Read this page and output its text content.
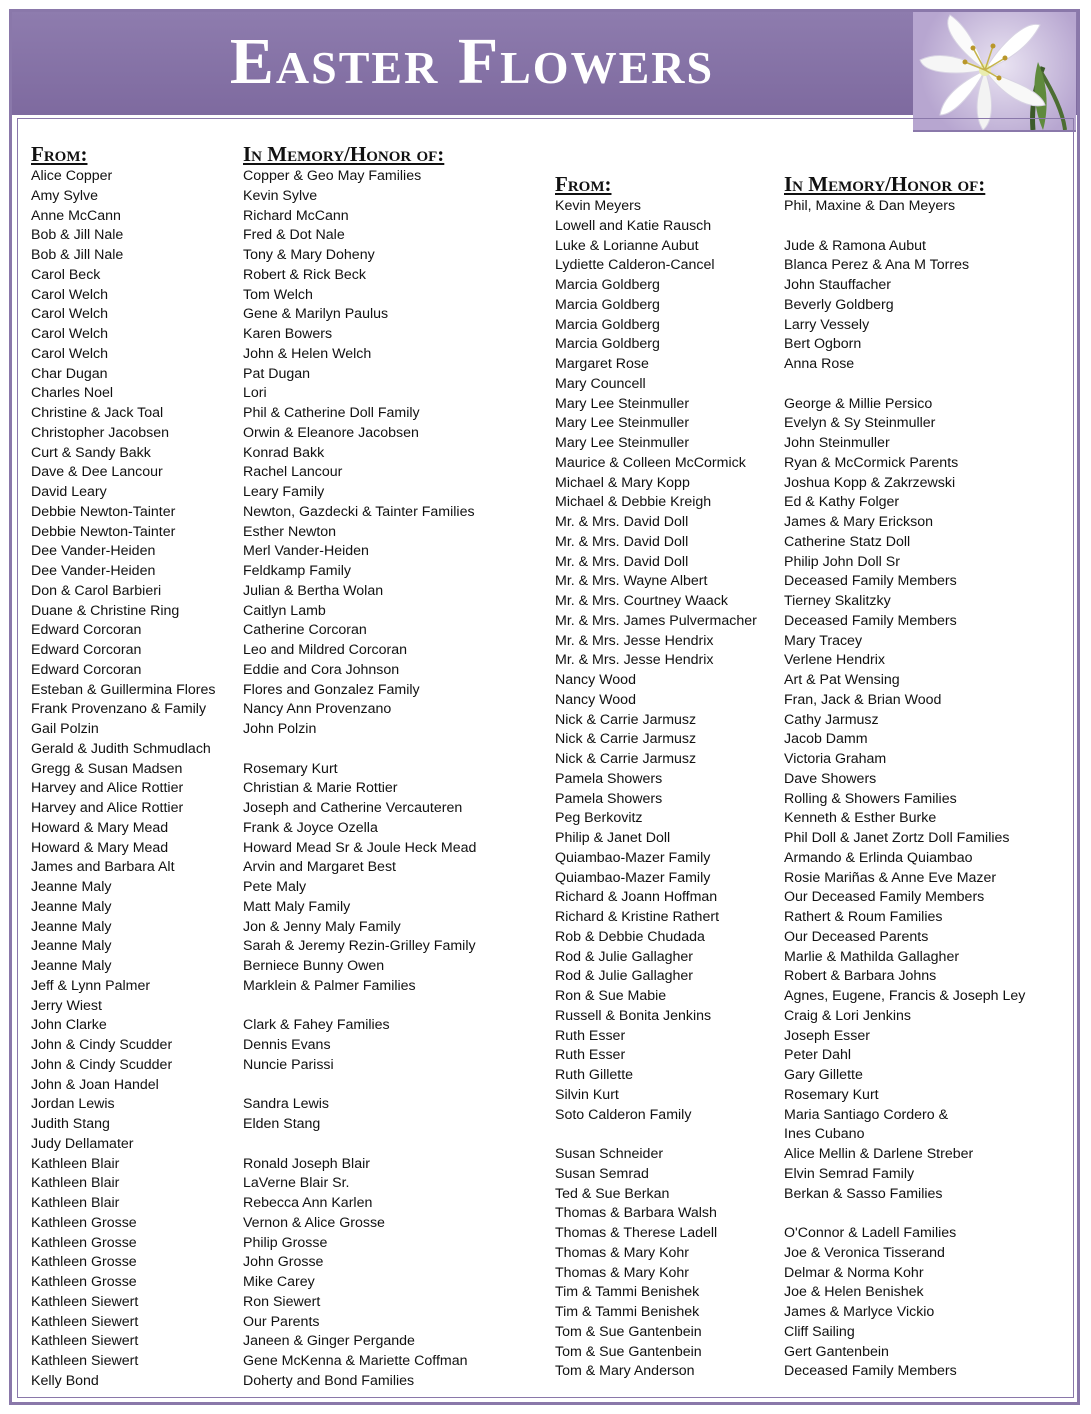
Easter Flowers
From:
Alice Copper
Amy Sylve
Anne McCann
Bob & Jill Nale
Bob & Jill Nale
Carol Beck
Carol Welch
Carol Welch
Carol Welch
Carol Welch
Char Dugan
Charles Noel
Christine & Jack Toal
Christopher Jacobsen
Curt & Sandy Bakk
Dave & Dee Lancour
David Leary
Debbie Newton-Tainter
Debbie Newton-Tainter
Dee Vander-Heiden
Dee Vander-Heiden
Don & Carol Barbieri
Duane & Christine Ring
Edward Corcoran
Edward Corcoran
Edward Corcoran
Esteban & Guillermina Flores
Frank Provenzano & Family
Gail Polzin
Gerald & Judith Schmudlach
Gregg & Susan Madsen
Harvey and Alice Rottier
Harvey and Alice Rottier
Howard & Mary Mead
Howard & Mary Mead
James and Barbara Alt
Jeanne Maly
Jeanne Maly
Jeanne Maly
Jeanne Maly
Jeanne Maly
Jeff & Lynn Palmer
Jerry Wiest
John Clarke
John & Cindy Scudder
John & Cindy Scudder
John & Joan Handel
Jordan Lewis
Judith Stang
Judy Dellamater
Kathleen Blair
Kathleen Blair
Kathleen Blair
Kathleen Grosse
Kathleen Grosse
Kathleen Grosse
Kathleen Grosse
Kathleen Siewert
Kathleen Siewert
Kathleen Siewert
Kathleen Siewert
Kelly Bond
In Memory/Honor of:
Copper & Geo May Families
Kevin Sylve
Richard McCann
Fred & Dot Nale
Tony & Mary Doheny
Robert & Rick Beck
Tom Welch
Gene & Marilyn Paulus
Karen Bowers
John & Helen Welch
Pat Dugan
Lori
Phil & Catherine Doll Family
Orwin & Eleanore Jacobsen
Konrad Bakk
Rachel Lancour
Leary Family
Newton, Gazdecki & Tainter Families
Esther Newton
Merl Vander-Heiden
Feldkamp Family
Julian & Bertha Wolan
Caitlyn Lamb
Catherine Corcoran
Leo and Mildred Corcoran
Eddie and Cora Johnson
Flores and Gonzalez Family
Nancy Ann Provenzano
John Polzin
Rosemary Kurt
Christian & Marie Rottier
Joseph and Catherine Vercauteren
Frank & Joyce Ozella
Howard Mead Sr & Joule Heck Mead
Arvin and Margaret Best
Pete Maly
Matt Maly Family
Jon & Jenny Maly Family
Sarah & Jeremy Rezin-Grilley Family
Berniece Bunny Owen
Marklein & Palmer Families
Clark & Fahey Families
Dennis Evans
Nuncie Parissi
Sandra Lewis
Elden Stang
Ronald Joseph Blair
LaVerne Blair Sr.
Rebecca Ann Karlen
Vernon & Alice Grosse
Philip Grosse
John Grosse
Mike Carey
Ron Siewert
Our Parents
Janeen & Ginger Pergande
Gene McKenna & Mariette Coffman
Doherty and Bond Families
From:
Kevin Meyers
Lowell and Katie Rausch
Luke & Lorianne Aubut
Lydiette Calderon-Cancel
Marcia Goldberg
Marcia Goldberg
Marcia Goldberg
Marcia Goldberg
Margaret Rose
Mary Councell
Mary Lee Steinmuller
Mary Lee Steinmuller
Mary Lee Steinmuller
Maurice & Colleen McCormick
Michael & Mary Kopp
Michael & Debbie Kreigh
Mr. & Mrs. David Doll
Mr. & Mrs. David Doll
Mr. & Mrs. David Doll
Mr. & Mrs. Wayne Albert
Mr. & Mrs. Courtney Waack
Mr. & Mrs. James Pulvermacher
Mr. & Mrs. Jesse Hendrix
Mr. & Mrs. Jesse Hendrix
Nancy Wood
Nancy Wood
Nick & Carrie Jarmusz
Nick & Carrie Jarmusz
Nick & Carrie Jarmusz
Pamela Showers
Pamela Showers
Peg Berkovitz
Philip & Janet Doll
Quiambao-Mazer Family
Quiambao-Mazer Family
Richard & Joann Hoffman
Richard & Kristine Rathert
Rob & Debbie Chudada
Rod & Julie Gallagher
Rod & Julie Gallagher
Ron & Sue Mabie
Russell & Bonita Jenkins
Ruth Esser
Ruth Esser
Ruth Gillette
Silvin Kurt
Soto Calderon Family
Susan Schneider
Susan Semrad
Ted & Sue Berkan
Thomas & Barbara Walsh
Thomas & Therese Ladell
Thomas & Mary Kohr
Thomas & Mary Kohr
Tim & Tammi Benishek
Tim & Tammi Benishek
Tom & Sue Gantenbein
Tom & Sue Gantenbein
Tom & Mary Anderson
In Memory/Honor of:
Phil, Maxine & Dan Meyers
Jude & Ramona Aubut
Blanca Perez & Ana M Torres
John Stauffacher
Beverly Goldberg
Larry Vessely
Bert Ogborn
Anna Rose
George & Millie Persico
Evelyn & Sy Steinmuller
John Steinmuller
Ryan & McCormick Parents
Joshua Kopp & Zakrzewski
Ed & Kathy Folger
James & Mary Erickson
Catherine Statz Doll
Philip John Doll Sr
Deceased Family Members
Tierney Skalitzky
Deceased Family Members
Mary Tracey
Verlene Hendrix
Art & Pat Wensing
Fran, Jack & Brian Wood
Cathy Jarmusz
Jacob Damm
Victoria Graham
Dave Showers
Rolling & Showers Families
Kenneth & Esther Burke
Phil Doll & Janet Zortz Doll Families
Armando & Erlinda Quiambao
Rosie Mariñas & Anne Eve Mazer
Our Deceased Family Members
Rathert & Roum Families
Our Deceased Parents
Marlie & Mathilda Gallagher
Robert & Barbara Johns
Agnes, Eugene, Francis & Joseph Ley
Craig & Lori Jenkins
Joseph Esser
Peter Dahl
Gary Gillette
Rosemary Kurt
Maria Santiago Cordero &
Ines Cubano
Alice Mellin & Darlene Streber
Elvin Semrad Family
Berkan & Sasso Families
O'Connor & Ladell Families
Joe & Veronica Tisserand
Delmar & Norma Kohr
Joe & Helen Benishek
James & Marlyce Vickio
Cliff Sailing
Gert Gantenbein
Deceased Family Members
